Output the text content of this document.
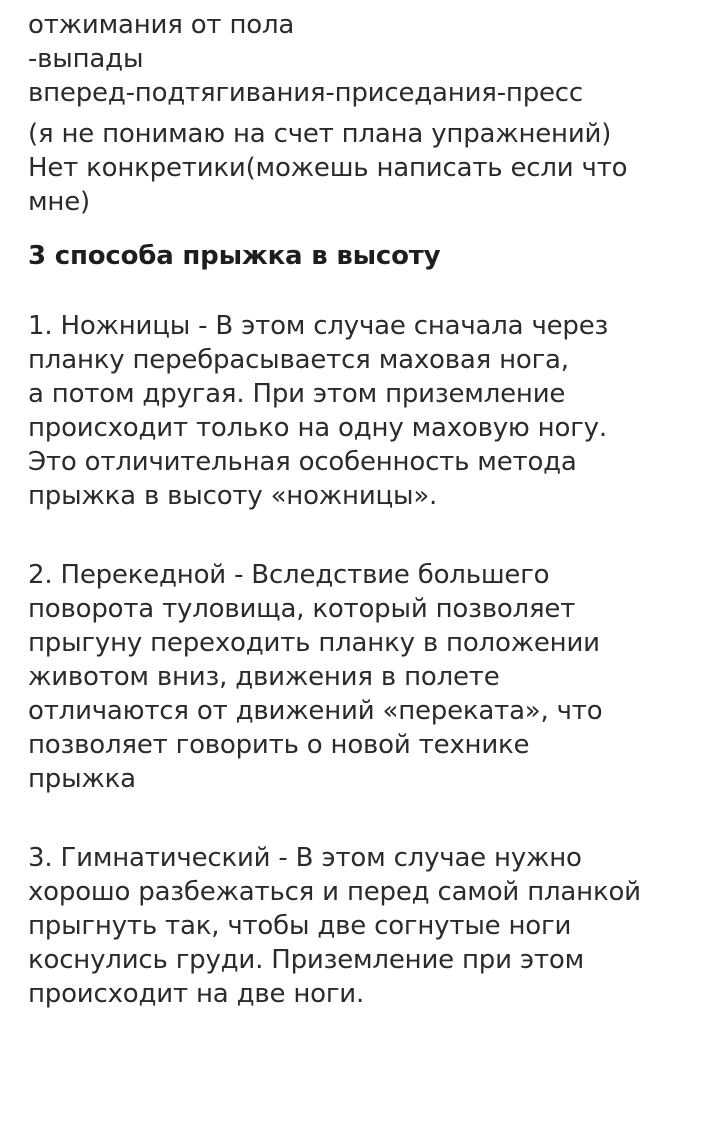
отжимания от пола
-выпады
вперед-подтягивания-приседания-пресс
(я не понимаю на счет плана упражнений)
Нет конкретики(можешь написать если что
мне)
3 способа прыжка в высоту
1. Ножницы - В этом случае сначала через
планку перебрасывается маховая нога,
а потом другая. При этом приземление
происходит только на одну маховую ногу.
Это отличительная особенность метода
прыжка в высоту «ножницы».
2. Перекедной - Вследствие большего
поворота туловища, который позволяет
прыгуну переходить планку в положении
животом вниз, движения в полете
отличаются от движений «переката», что
позволяет говорить о новой технике
прыжка
3. Гимнатический - В этом случае нужно
хорошо разбежаться и перед самой планкой
прыгнуть так, чтобы две согнутые ноги
коснулись груди. Приземление при этом
происходит на две ноги.
